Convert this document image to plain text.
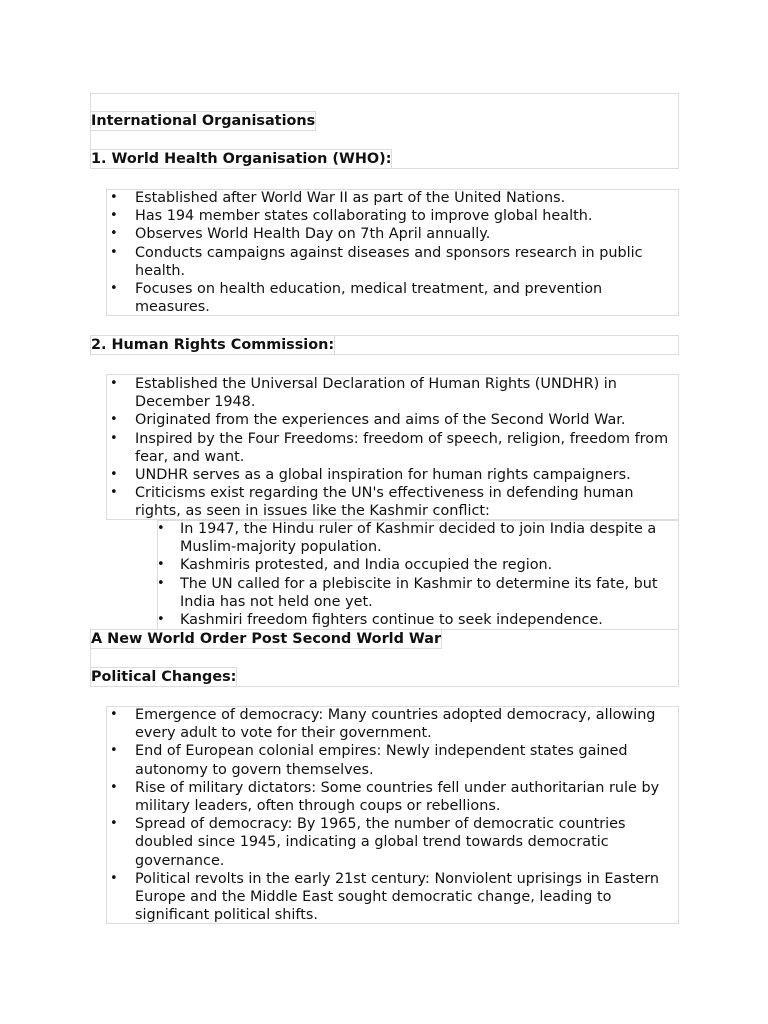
International Organisations
1. World Health Organisation (WHO):
• Established after World War II as part of the United Nations.
• Has 194 member states collaborating to improve global health.
• Observes World Health Day on 7th April annually.
• Conducts campaigns against diseases and sponsors research in public health.
• Focuses on health education, medical treatment, and prevention measures.
2. Human Rights Commission:
• Established the Universal Declaration of Human Rights (UNDHR) in December 1948.
• Originated from the experiences and aims of the Second World War.
• Inspired by the Four Freedoms: freedom of speech, religion, freedom from fear, and want.
• UNDHR serves as a global inspiration for human rights campaigners.
• Criticisms exist regarding the UN's effectiveness in defending human rights, as seen in issues like the Kashmir conflict:
• In 1947, the Hindu ruler of Kashmir decided to join India despite a Muslim-majority population.
• Kashmiris protested, and India occupied the region.
• The UN called for a plebiscite in Kashmir to determine its fate, but India has not held one yet.
• Kashmiri freedom fighters continue to seek independence.
A New World Order Post Second World War
Political Changes:
• Emergence of democracy: Many countries adopted democracy, allowing every adult to vote for their government.
• End of European colonial empires: Newly independent states gained autonomy to govern themselves.
• Rise of military dictators: Some countries fell under authoritarian rule by military leaders, often through coups or rebellions.
• Spread of democracy: By 1965, the number of democratic countries doubled since 1945, indicating a global trend towards democratic governance.
• Political revolts in the early 21st century: Nonviolent uprisings in Eastern Europe and the Middle East sought democratic change, leading to significant political shifts.
